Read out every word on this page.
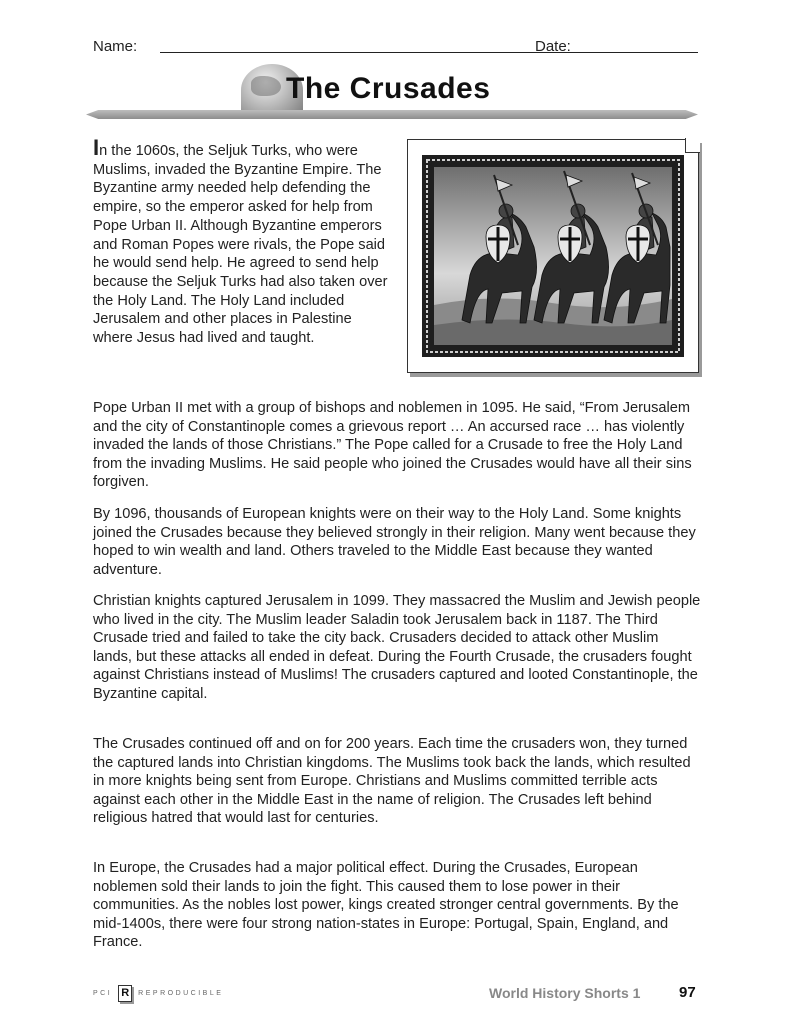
Name:	Date:
The Crusades
In the 1060s, the Seljuk Turks, who were Muslims, invaded the Byzantine Empire. The Byzantine army needed help defending the empire, so the emperor asked for help from Pope Urban II. Although Byzantine emperors and Roman Popes were rivals, the Pope said he would send help. He agreed to send help because the Seljuk Turks had also taken over the Holy Land. The Holy Land included Jerusalem and other places in Palestine where Jesus had lived and taught.

Pope Urban II met with a group of bishops and noblemen in 1095. He said, “From Jerusalem and the city of Constantinople comes a grievous report … An accursed race … has violently invaded the lands of those Christians.” The Pope called for a Crusade to free the Holy Land from the invading Muslims. He said people who joined the Crusades would have all their sins forgiven.

By 1096, thousands of European knights were on their way to the Holy Land. Some knights joined the Crusades because they believed strongly in their religion. Many went because they hoped to win wealth and land. Others traveled to the Middle East because they wanted adventure.

Christian knights captured Jerusalem in 1099. They massacred the Muslim and Jewish people who lived in the city. The Muslim leader Saladin took Jerusalem back in 1187. The Third Crusade tried and failed to take the city back. Crusaders decided to attack other Muslim lands, but these attacks all ended in defeat. During the Fourth Crusade, the crusaders fought against Christians instead of Muslims! The crusaders captured and looted Constantinople, the Byzantine capital.

The Crusades continued off and on for 200 years. Each time the crusaders won, they turned the captured lands into Christian kingdoms. The Muslims took back the lands, which resulted in more knights being sent from Europe. Christians and Muslims committed terrible acts against each other in the Middle East in the name of religion. The Crusades left behind religious hatred that would last for centuries.

In Europe, the Crusades had a major political effect. During the Crusades, European noblemen sold their lands to join the fight. This caused them to lose power in their communities. As the nobles lost power, kings created stronger central governments. By the mid-1400s, there were four strong nation-states in Europe: Portugal, Spain, England, and France.

PCI R	REPRODUCIBLE	World History Shorts 1	97
